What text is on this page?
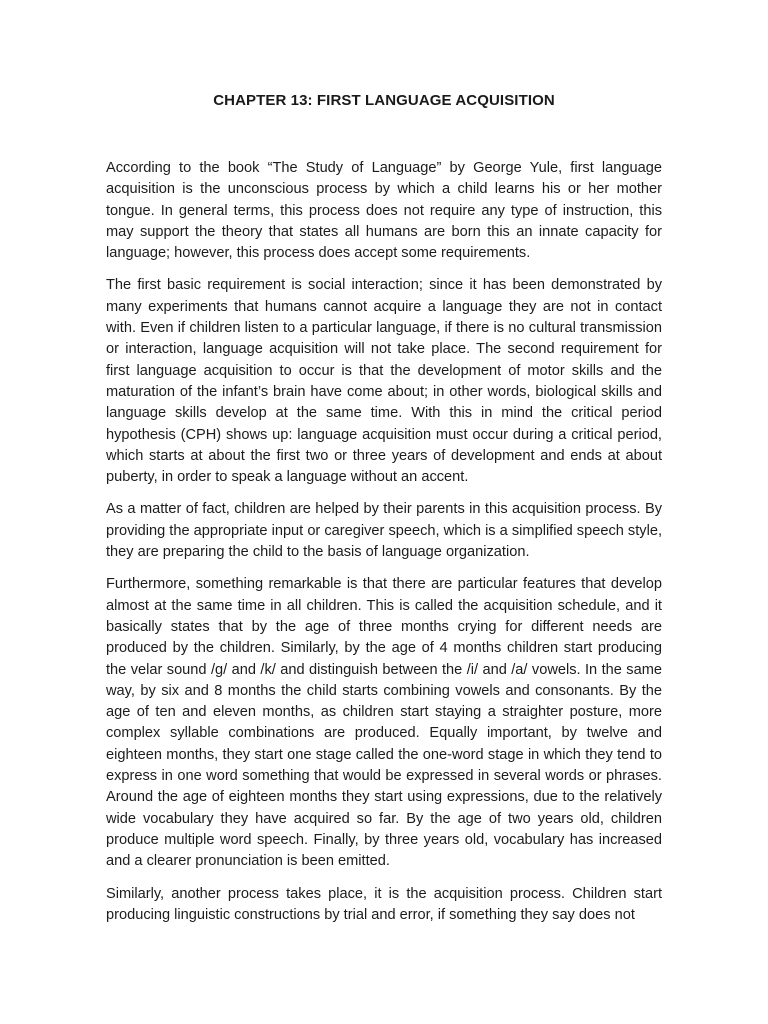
CHAPTER 13: FIRST LANGUAGE ACQUISITION

According to the book “The Study of Language” by George Yule, first language acquisition is the unconscious process by which a child learns his or her mother tongue. In general terms, this process does not require any type of instruction, this may support the theory that states all humans are born this an innate capacity for language; however, this process does accept some requirements.

The first basic requirement is social interaction; since it has been demonstrated by many experiments that humans cannot acquire a language they are not in contact with. Even if children listen to a particular language, if there is no cultural transmission or interaction, language acquisition will not take place. The second requirement for first language acquisition to occur is that the development of motor skills and the maturation of the infant’s brain have come about; in other words, biological skills and language skills develop at the same time. With this in mind the critical period hypothesis (CPH) shows up: language acquisition must occur during a critical period, which starts at about the first two or three years of development and ends at about puberty, in order to speak a language without an accent.

As a matter of fact, children are helped by their parents in this acquisition process. By providing the appropriate input or caregiver speech, which is a simplified speech style, they are preparing the child to the basis of language organization.

Furthermore, something remarkable is that there are particular features that develop almost at the same time in all children. This is called the acquisition schedule, and it basically states that by the age of three months crying for different needs are produced by the children. Similarly, by the age of 4 months children start producing the velar sound /g/ and /k/ and distinguish between the /i/ and /a/ vowels. In the same way, by six and 8 months the child starts combining vowels and consonants. By the age of ten and eleven months, as children start staying a straighter posture, more complex syllable combinations are produced. Equally important, by twelve and eighteen months, they start one stage called the one-word stage in which they tend to express in one word something that would be expressed in several words or phrases. Around the age of eighteen months they start using expressions, due to the relatively wide vocabulary they have acquired so far. By the age of two years old, children produce multiple word speech. Finally, by three years old, vocabulary has increased and a clearer pronunciation is been emitted.

Similarly, another process takes place, it is the acquisition process. Children start producing linguistic constructions by trial and error, if something they say does not
